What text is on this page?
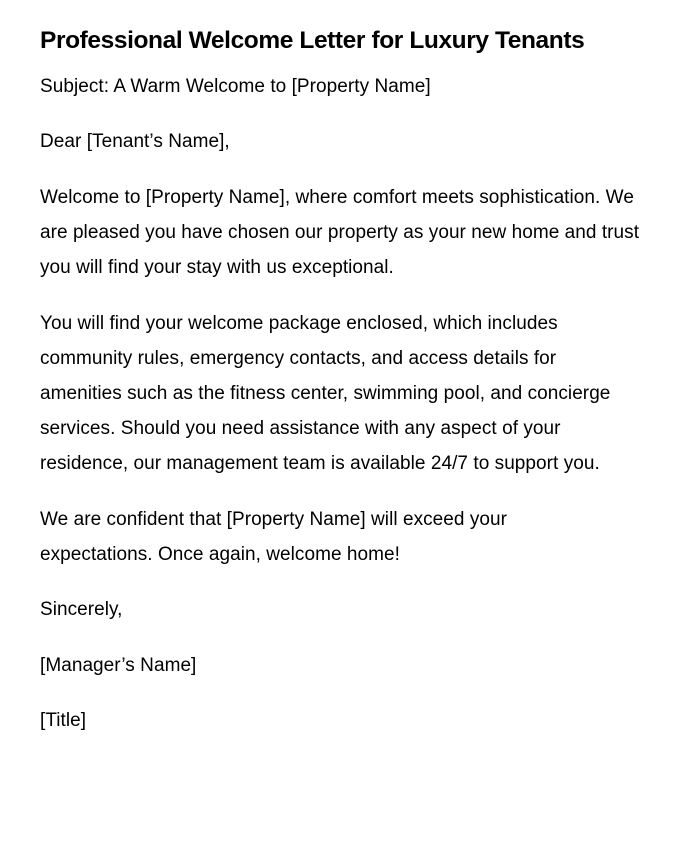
Professional Welcome Letter for Luxury Tenants

Subject: A Warm Welcome to [Property Name]

Dear [Tenant’s Name],

Welcome to [Property Name], where comfort meets sophistication. We are pleased you have chosen our property as your new home and trust you will find your stay with us exceptional.

You will find your welcome package enclosed, which includes community rules, emergency contacts, and access details for amenities such as the fitness center, swimming pool, and concierge services. Should you need assistance with any aspect of your residence, our management team is available 24/7 to support you.

We are confident that [Property Name] will exceed your expectations. Once again, welcome home!

Sincerely,

[Manager’s Name]

[Title]
